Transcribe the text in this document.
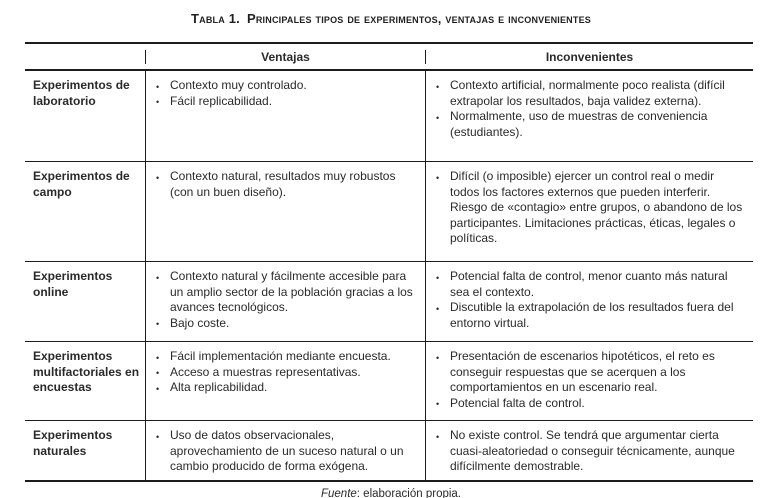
Tabla 1. Principales tipos de experimentos, ventajas e inconvenientes
Ventajas	Inconvenientes
Experimentos de laboratorio
• Contexto muy controlado.
• Fácil replicabilidad.
• Contexto artificial, normalmente poco realista (difícil extrapolar los resultados, baja validez externa).
• Normalmente, uso de muestras de conveniencia (estudiantes).
Experimentos de campo
• Contexto natural, resultados muy robustos (con un buen diseño).
• Difícil (o imposible) ejercer un control real o medir todos los factores externos que pueden interferir. Riesgo de «contagio» entre grupos, o abandono de los participantes. Limitaciones prácticas, éticas, legales o políticas.
Experimentos online
• Contexto natural y fácilmente accesible para un amplio sector de la población gracias a los avances tecnológicos.
• Bajo coste.
• Potencial falta de control, menor cuanto más natural sea el contexto.
• Discutible la extrapolación de los resultados fuera del entorno virtual.
Experimentos multifactoriales en encuestas
• Fácil implementación mediante encuesta.
• Acceso a muestras representativas.
• Alta replicabilidad.
• Presentación de escenarios hipotéticos, el reto es conseguir respuestas que se acerquen a los comportamientos en un escenario real.
• Potencial falta de control.
Experimentos naturales
• Uso de datos observacionales, aprovechamiento de un suceso natural o un cambio producido de forma exógena.
• No existe control. Se tendrá que argumentar cierta cuasi-aleatoriedad o conseguir técnicamente, aunque difícilmente demostrable.
Fuente: elaboración propia.
